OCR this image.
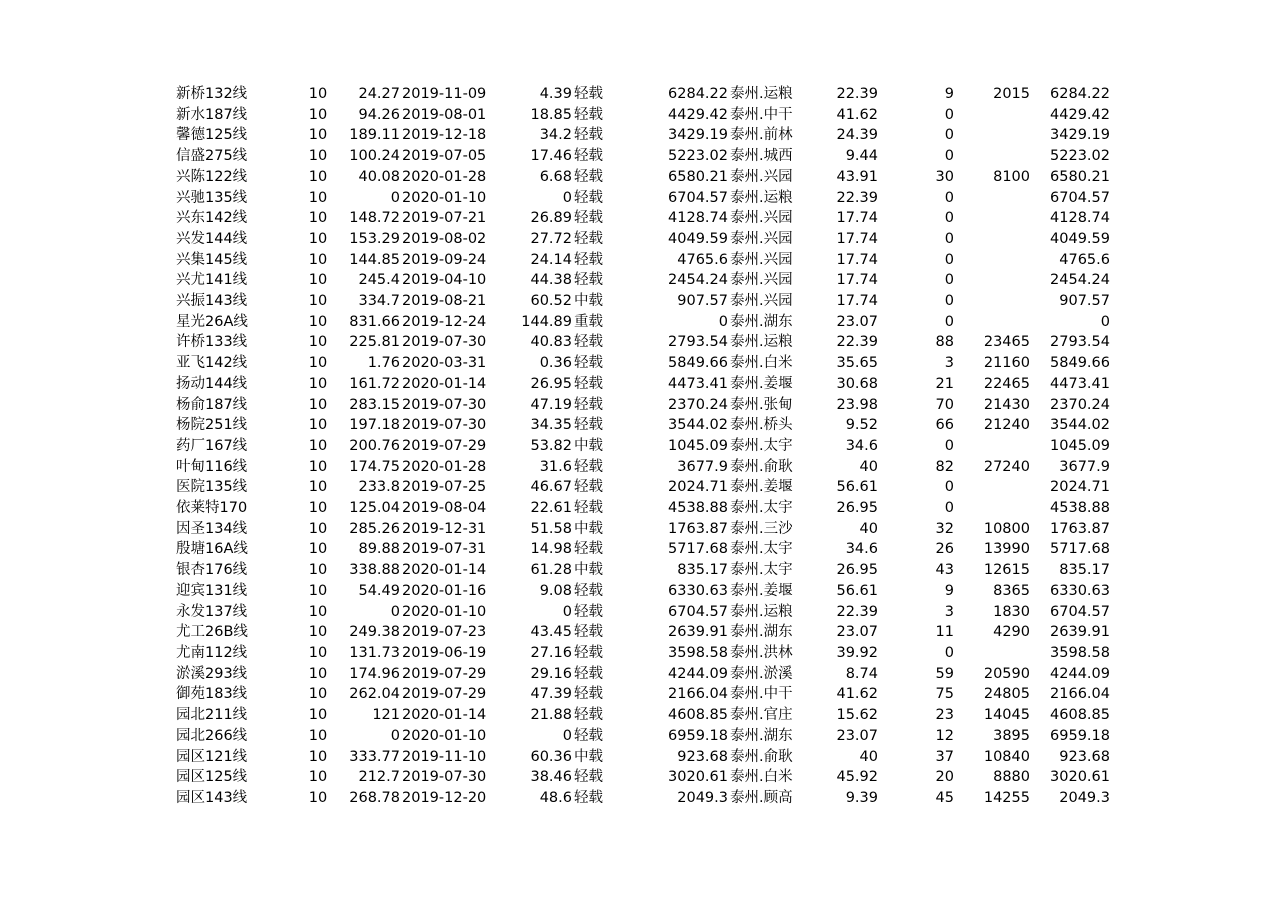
新桥132线	10	24.27	2019-11-09	4.39	轻载	6284.22	泰州.运粮	22.39	9	2015	6284.22
新水187线	10	94.26	2019-08-01	18.85	轻载	4429.42	泰州.中干	41.62	0		4429.42
馨德125线	10	189.11	2019-12-18	34.2	轻载	3429.19	泰州.前林	24.39	0		3429.19
信盛275线	10	100.24	2019-07-05	17.46	轻载	5223.02	泰州.城西	9.44	0		5223.02
兴陈122线	10	40.08	2020-01-28	6.68	轻载	6580.21	泰州.兴园	43.91	30	8100	6580.21
兴驰135线	10	0	2020-01-10	0	轻载	6704.57	泰州.运粮	22.39	0		6704.57
兴东142线	10	148.72	2019-07-21	26.89	轻载	4128.74	泰州.兴园	17.74	0		4128.74
兴发144线	10	153.29	2019-08-02	27.72	轻载	4049.59	泰州.兴园	17.74	0		4049.59
兴集145线	10	144.85	2019-09-24	24.14	轻载	4765.6	泰州.兴园	17.74	0		4765.6
兴尤141线	10	245.4	2019-04-10	44.38	轻载	2454.24	泰州.兴园	17.74	0		2454.24
兴振143线	10	334.7	2019-08-21	60.52	中载	907.57	泰州.兴园	17.74	0		907.57
星光26A线	10	831.66	2019-12-24	144.89	重载	0	泰州.湖东	23.07	0		0
许桥133线	10	225.81	2019-07-30	40.83	轻载	2793.54	泰州.运粮	22.39	88	23465	2793.54
亚飞142线	10	1.76	2020-03-31	0.36	轻载	5849.66	泰州.白米	35.65	3	21160	5849.66
扬动144线	10	161.72	2020-01-14	26.95	轻载	4473.41	泰州.姜堰	30.68	21	22465	4473.41
杨俞187线	10	283.15	2019-07-30	47.19	轻载	2370.24	泰州.张甸	23.98	70	21430	2370.24
杨院251线	10	197.18	2019-07-30	34.35	轻载	3544.02	泰州.桥头	9.52	66	21240	3544.02
药厂167线	10	200.76	2019-07-29	53.82	中载	1045.09	泰州.太宇	34.6	0		1045.09
叶甸116线	10	174.75	2020-01-28	31.6	轻载	3677.9	泰州.俞耿	40	82	27240	3677.9
医院135线	10	233.8	2019-07-25	46.67	轻载	2024.71	泰州.姜堰	56.61	0		2024.71
依莱特170	10	125.04	2019-08-04	22.61	轻载	4538.88	泰州.太宇	26.95	0		4538.88
因圣134线	10	285.26	2019-12-31	51.58	中载	1763.87	泰州.三沙	40	32	10800	1763.87
殷塘16A线	10	89.88	2019-07-31	14.98	轻载	5717.68	泰州.太宇	34.6	26	13990	5717.68
银杏176线	10	338.88	2020-01-14	61.28	中载	835.17	泰州.太宇	26.95	43	12615	835.17
迎宾131线	10	54.49	2020-01-16	9.08	轻载	6330.63	泰州.姜堰	56.61	9	8365	6330.63
永发137线	10	0	2020-01-10	0	轻载	6704.57	泰州.运粮	22.39	3	1830	6704.57
尤工26B线	10	249.38	2019-07-23	43.45	轻载	2639.91	泰州.湖东	23.07	11	4290	2639.91
尤南112线	10	131.73	2019-06-19	27.16	轻载	3598.58	泰州.洪林	39.92	0		3598.58
淤溪293线	10	174.96	2019-07-29	29.16	轻载	4244.09	泰州.淤溪	8.74	59	20590	4244.09
御苑183线	10	262.04	2019-07-29	47.39	轻载	2166.04	泰州.中干	41.62	75	24805	2166.04
园北211线	10	121	2020-01-14	21.88	轻载	4608.85	泰州.官庄	15.62	23	14045	4608.85
园北266线	10	0	2020-01-10	0	轻载	6959.18	泰州.湖东	23.07	12	3895	6959.18
园区121线	10	333.77	2019-11-10	60.36	中载	923.68	泰州.俞耿	40	37	10840	923.68
园区125线	10	212.7	2019-07-30	38.46	轻载	3020.61	泰州.白米	45.92	20	8880	3020.61
园区143线	10	268.78	2019-12-20	48.6	轻载	2049.3	泰州.顾高	9.39	45	14255	2049.3
